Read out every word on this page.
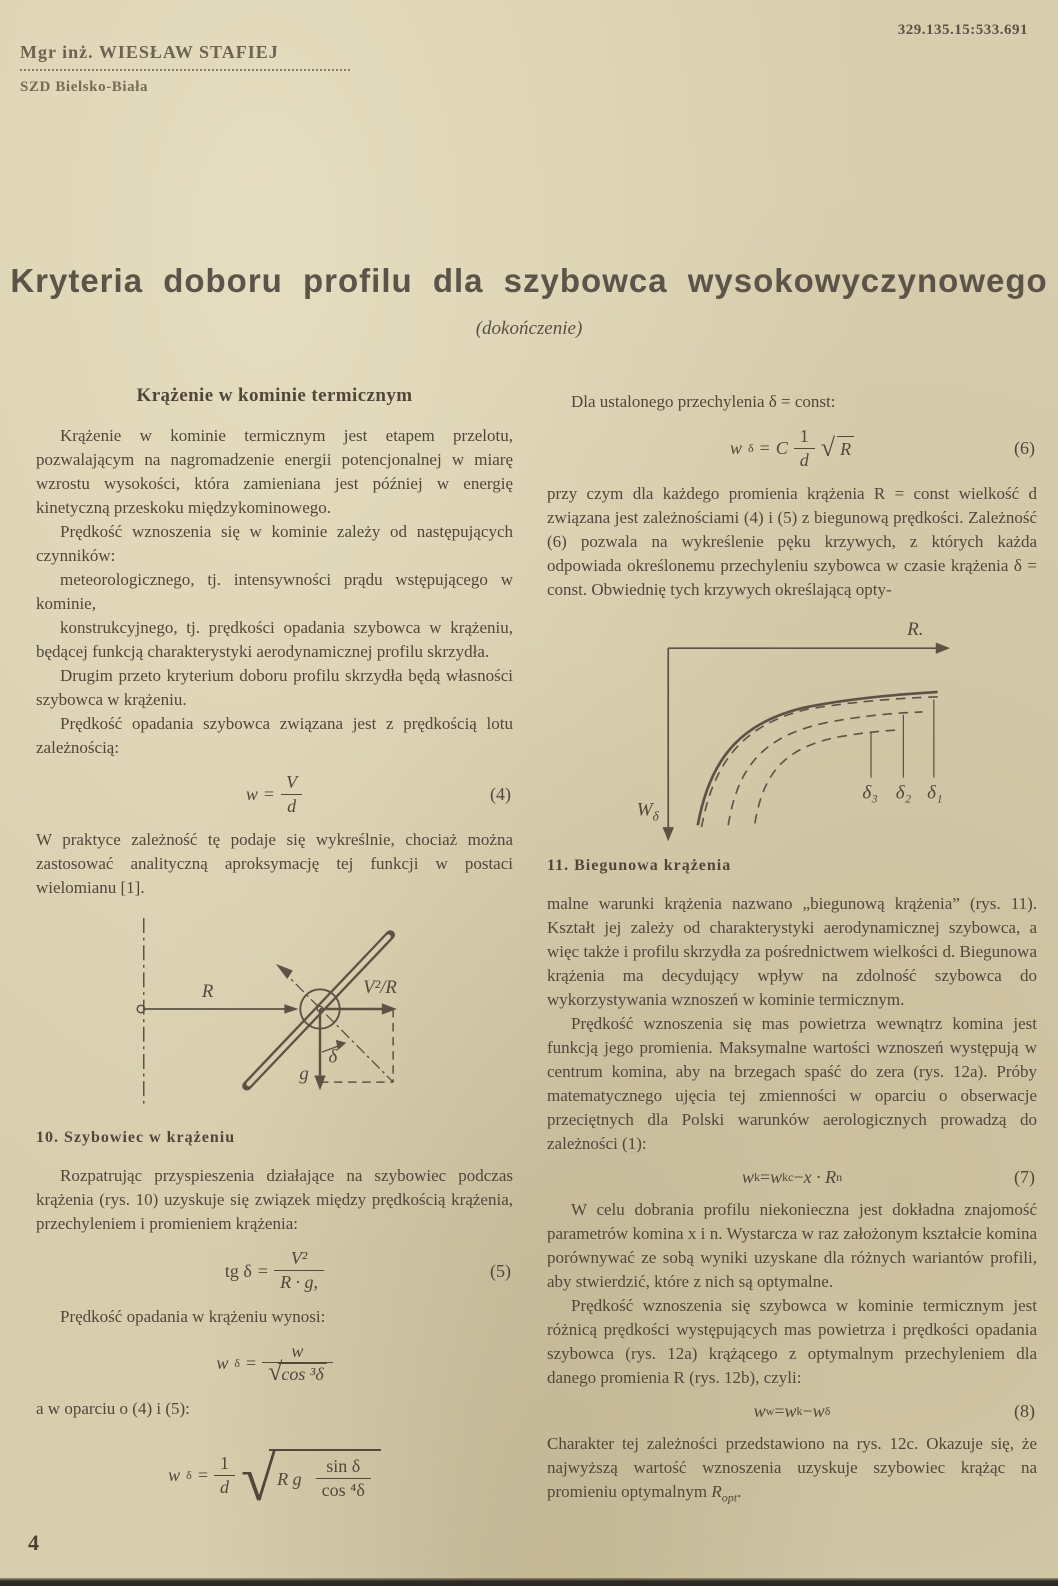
Mgr inż. WIESŁAW STAFIEJ
SZD Bielsko-Biała
329.135.15:533.691
Kryteria doboru profilu dla szybowca wysokowyczynowego
(dokończenie)
Krążenie w kominie termicznym

Krążenie w kominie termicznym jest etapem przelotu, pozwalającym na nagromadzenie energii potencjonalnej w miarę wzrostu wysokości, która zamieniana jest później w energię kinetyczną przeskoku międzykominowego.

Prędkość wznoszenia się w kominie zależy od następujących czynników:

meteorologicznego, tj. intensywności prądu wstępującego w kominie,

konstrukcyjnego, tj. prędkości opadania szybowca w krążeniu, będącej funkcją charakterystyki aerodynamicznej profilu skrzydła.

Drugim przeto kryterium doboru profilu skrzydła będą własności szybowca w krążeniu.

Prędkość opadania szybowca związana jest z prędkością lotu zależnością:

$w = \frac{V}{d}$	(4)

W praktyce zależność tę podaje się wykreślnie, chociaż można zastosować analityczną aproksymację tej funkcji w postaci wielomianu [1].

R	V²/R
g
δ

10. Szybowiec w krążeniu

Rozpatrując przyspieszenia działające na szybowiec podczas krążenia (rys. 10) uzyskuje się związek między prędkością krążenia, przechyleniem i promieniem krążenia:

tg $\delta = \frac{\text{V²}}{R \cdot g,}$	(5)

Prędkość opadania w krążeniu wynosi:

w $\delta = \frac{w}{\text{√cos ³δ}}$

a w oparciu o (4) i (5):

w $\delta = \frac{1}{d}$ √ R g $\frac{\text{sin δ}}{\text{cos ⁴δ}}$

Dla ustalonego przechylenia δ = const:

w δ = C $\frac{1}{d}$ √ R	(6)

przy czym dla każdego promienia krążenia R = const wielkość d związana jest zależnościami (4) i (5) z biegunową prędkości. Zależność (6) pozwala na wykreślenie pęku krzywych, z których każda odpowiada określonemu przechyleniu szybowca w czasie krążenia δ = const. Obwiednię tych krzywych określającą opty-

R.
$W_\delta$
δ₃ δ₂ δ₁

11. Biegunowa krążenia

malne warunki krążenia nazwano „biegunową krążenia” (rys. 11). Kształt jej zależy od charakterystyki aerodynamicznej szybowca, a więc także i profilu skrzydła za pośrednictwem wielkości d. Biegunowa krążenia ma decydujący wpływ na zdolność szybowca do wykorzystywania wznoszeń w kominie termicznym.

Prędkość wznoszenia się mas powietrza wewnątrz komina jest funkcją jego promienia. Maksymalne wartości wznoszeń występują w centrum komina, aby na brzegach spaść do zera (rys. 12a). Próby matematycznego ujęcia tej zmienności w oparciu o obserwacje przeciętnych dla Polski warunków aerologicznych prowadzą do zależności (1):

w k = w kc − x · R n	(7)

W celu dobrania profilu niekonieczna jest dokładna znajomość parametrów komina x i n. Wystarcza w raz założonym kształcie komina porównywać ze sobą wyniki uzyskane dla różnych wariantów profili, aby stwierdzić, które z nich są optymalne.

Prędkość wznoszenia się szybowca w kominie termicznym jest różnicą prędkości występujących mas powietrza i prędkości opadania szybowca (rys. 12a) krążącego z optymalnym przechyleniem dla danego promienia R (rys. 12b), czyli:

w w = w k − w δ	(8)

Charakter tej zależności przedstawiono na rys. 12c. Okazuje się, że najwyższą wartość wznoszenia uzyskuje szybowiec krążąc na promieniu optymalnym $R_{opt}$.

4
